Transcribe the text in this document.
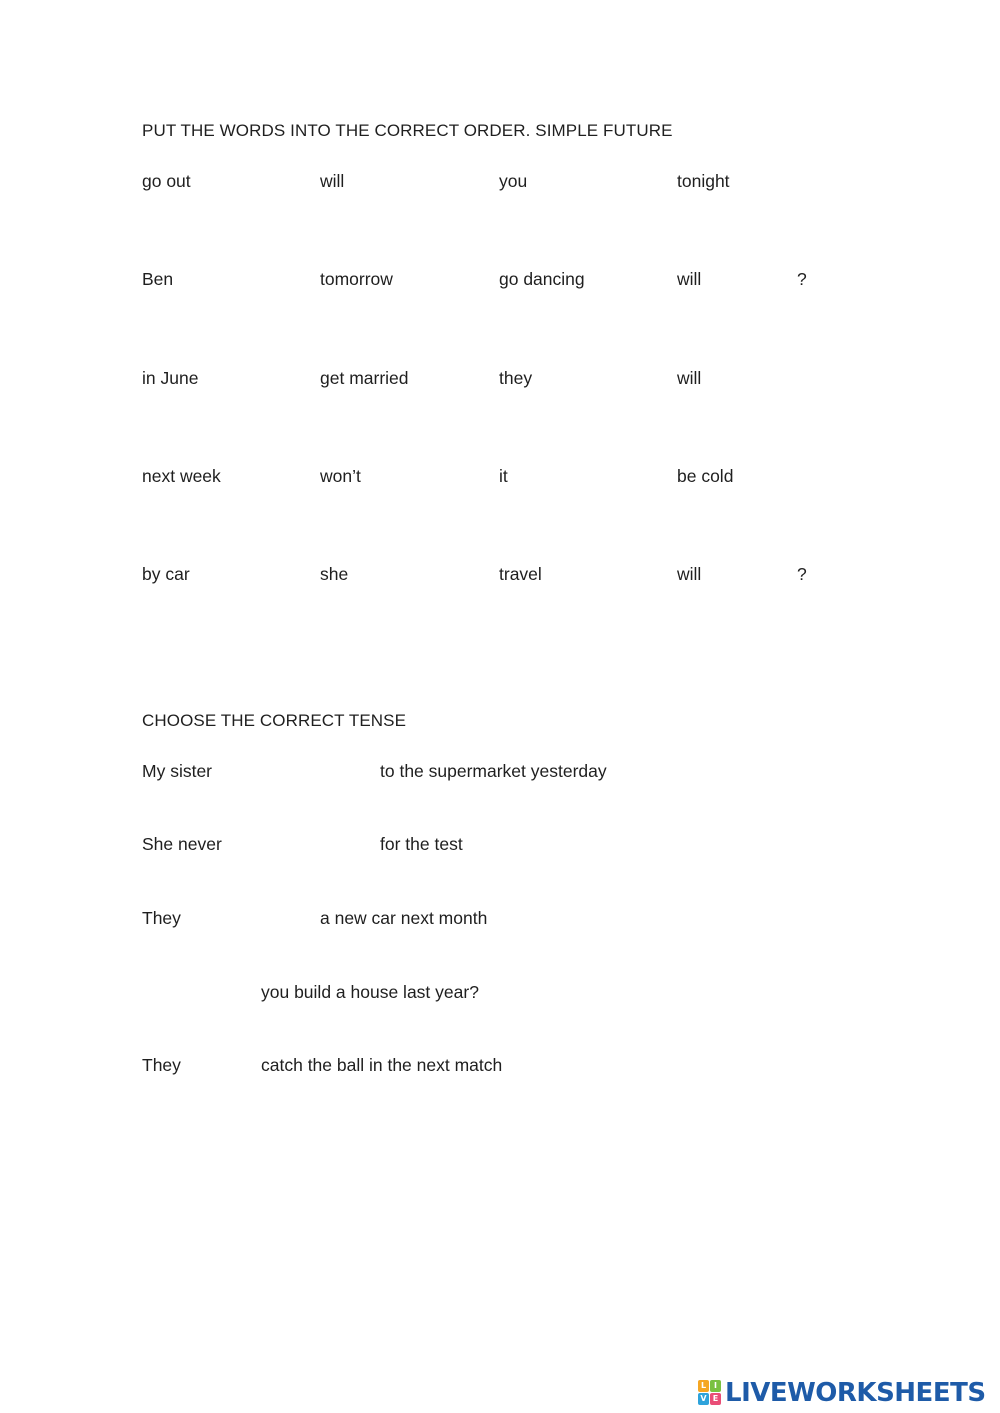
PUT THE WORDS INTO THE CORRECT ORDER. SIMPLE FUTURE
go out	will	you	tonight
Ben	tomorrow	go dancing	will	?
in June	get married	they	will
next week	won’t	it	be cold
by car	she	travel	will	?
CHOOSE THE CORRECT TENSE
My sister	to the supermarket yesterday
She never	for the test
They	a new car next month
you build a house last year?
They	catch the ball in the next match
L I
V E LIVEWORKSHEETS
